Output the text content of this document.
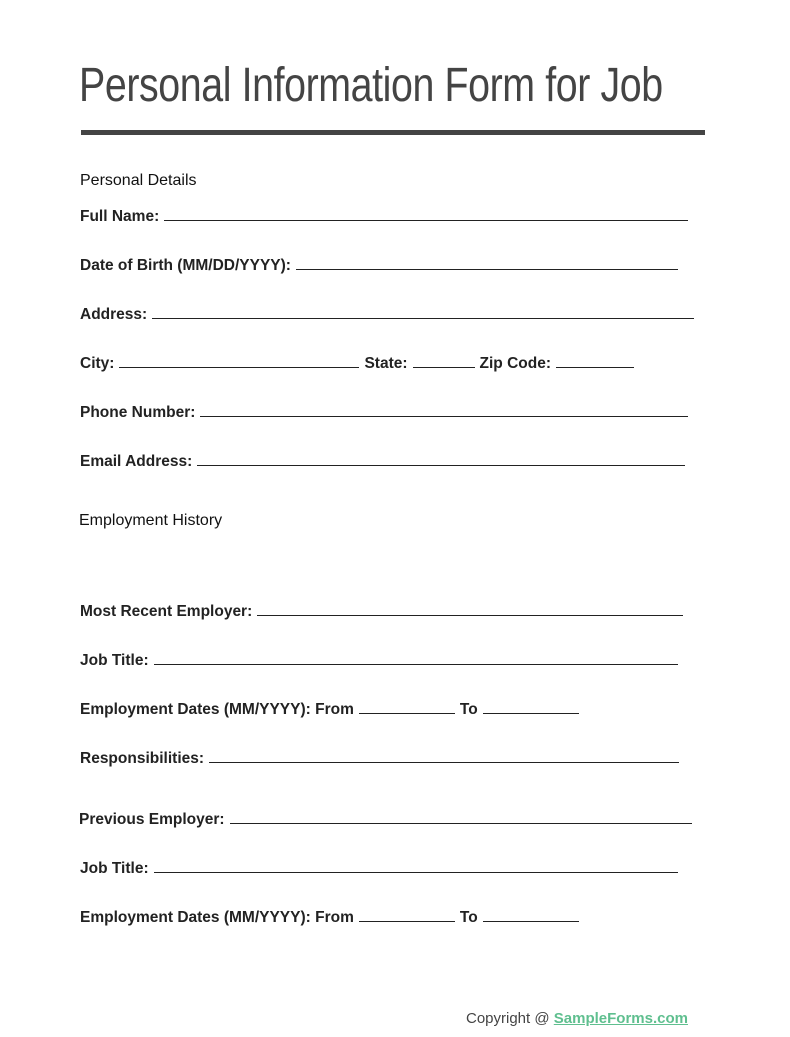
Personal Information Form for Job
Personal Details
Full Name:
Date of Birth (MM/DD/YYYY):
Address:
City:	State:	Zip Code:
Phone Number:
Email Address:
Employment History
Most Recent Employer:
Job Title:
Employment Dates (MM/YYYY): From	To
Responsibilities:
Previous Employer:
Job Title:
Employment Dates (MM/YYYY): From	To
Copyright @ SampleForms.com
